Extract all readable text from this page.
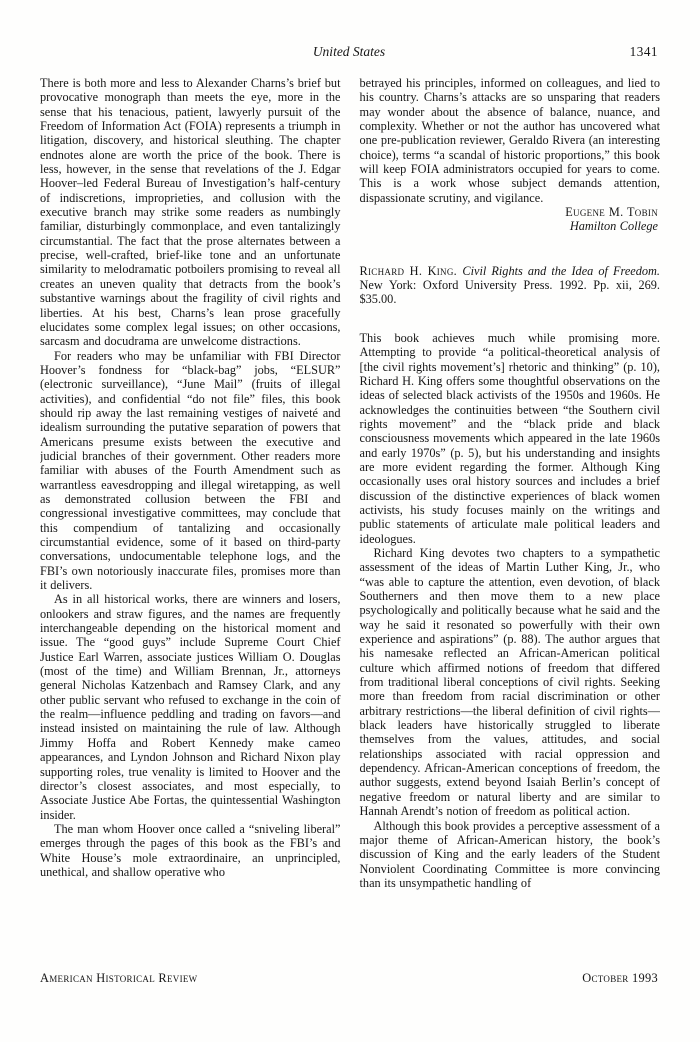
United States	1341

There is both more and less to Alexander Charns’s brief but provocative monograph than meets the eye, more in the sense that his tenacious, patient, lawyerly pursuit of the Freedom of Information Act (FOIA) represents a triumph in litigation, discovery, and historical sleuthing. The chapter endnotes alone are worth the price of the book. There is less, however, in the sense that revelations of the J. Edgar Hoover–led Federal Bureau of Investigation’s half-century of indiscretions, improprieties, and collusion with the executive branch may strike some readers as numbingly familiar, disturbingly commonplace, and even tantalizingly circumstantial. The fact that the prose alternates between a precise, well-crafted, brief-like tone and an unfortunate similarity to melodramatic potboilers promising to reveal all creates an uneven quality that detracts from the book’s substantive warnings about the fragility of civil rights and liberties. At his best, Charns’s lean prose gracefully elucidates some complex legal issues; on other occasions, sarcasm and docudrama are unwelcome distractions.

For readers who may be unfamiliar with FBI Director Hoover’s fondness for “black-bag” jobs, “ELSUR” (electronic surveillance), “June Mail” (fruits of illegal activities), and confidential “do not file” files, this book should rip away the last remaining vestiges of naiveté and idealism surrounding the putative separation of powers that Americans presume exists between the executive and judicial branches of their government. Other readers more familiar with abuses of the Fourth Amendment such as warrantless eavesdropping and illegal wiretapping, as well as demonstrated collusion between the FBI and congressional investigative committees, may conclude that this compendium of tantalizing and occasionally circumstantial evidence, some of it based on third-party conversations, undocumentable telephone logs, and the FBI’s own notoriously inaccurate files, promises more than it delivers.

As in all historical works, there are winners and losers, onlookers and straw figures, and the names are frequently interchangeable depending on the historical moment and issue. The “good guys” include Supreme Court Chief Justice Earl Warren, associate justices William O. Douglas (most of the time) and William Brennan, Jr., attorneys general Nicholas Katzenbach and Ramsey Clark, and any other public servant who refused to exchange in the coin of the realm—influence peddling and trading on favors—and instead insisted on maintaining the rule of law. Although Jimmy Hoffa and Robert Kennedy make cameo appearances, and Lyndon Johnson and Richard Nixon play supporting roles, true venality is limited to Hoover and the director’s closest associates, and most especially, to Associate Justice Abe Fortas, the quintessential Washington insider.

The man whom Hoover once called a “sniveling liberal” emerges through the pages of this book as the FBI’s and White House’s mole extraordinaire, an unprincipled, unethical, and shallow operative who

betrayed his principles, informed on colleagues, and lied to his country. Charns’s attacks are so unsparing that readers may wonder about the absence of balance, nuance, and complexity. Whether or not the author has uncovered what one pre-publication reviewer, Geraldo Rivera (an interesting choice), terms “a scandal of historic proportions,” this book will keep FOIA administrators occupied for years to come. This is a work whose subject demands attention, dispassionate scrutiny, and vigilance.

Eugene M. Tobin
Hamilton College

Richard H. King. Civil Rights and the Idea of Freedom. New York: Oxford University Press. 1992. Pp. xii, 269. $35.00.

This book achieves much while promising more. Attempting to provide “a political-theoretical analysis of [the civil rights movement’s] rhetoric and thinking” (p. 10), Richard H. King offers some thoughtful observations on the ideas of selected black activists of the 1950s and 1960s. He acknowledges the continuities between “the Southern civil rights movement” and the “black pride and black consciousness movements which appeared in the late 1960s and early 1970s” (p. 5), but his understanding and insights are more evident regarding the former. Although King occasionally uses oral history sources and includes a brief discussion of the distinctive experiences of black women activists, his study focuses mainly on the writings and public statements of articulate male political leaders and ideologues.

Richard King devotes two chapters to a sympathetic assessment of the ideas of Martin Luther King, Jr., who “was able to capture the attention, even devotion, of black Southerners and then move them to a new place psychologically and politically because what he said and the way he said it resonated so powerfully with their own experience and aspirations” (p. 88). The author argues that his namesake reflected an African-American political culture which affirmed notions of freedom that differed from traditional liberal conceptions of civil rights. Seeking more than freedom from racial discrimination or other arbitrary restrictions—the liberal definition of civil rights—black leaders have historically struggled to liberate themselves from the values, attitudes, and social relationships associated with racial oppression and dependency. African-American conceptions of freedom, the author suggests, extend beyond Isaiah Berlin’s concept of negative freedom or natural liberty and are similar to Hannah Arendt’s notion of freedom as political action.

Although this book provides a perceptive assessment of a major theme of African-American history, the book’s discussion of King and the early leaders of the Student Nonviolent Coordinating Committee is more convincing than its unsympathetic handling of

American Historical Review	October 1993
